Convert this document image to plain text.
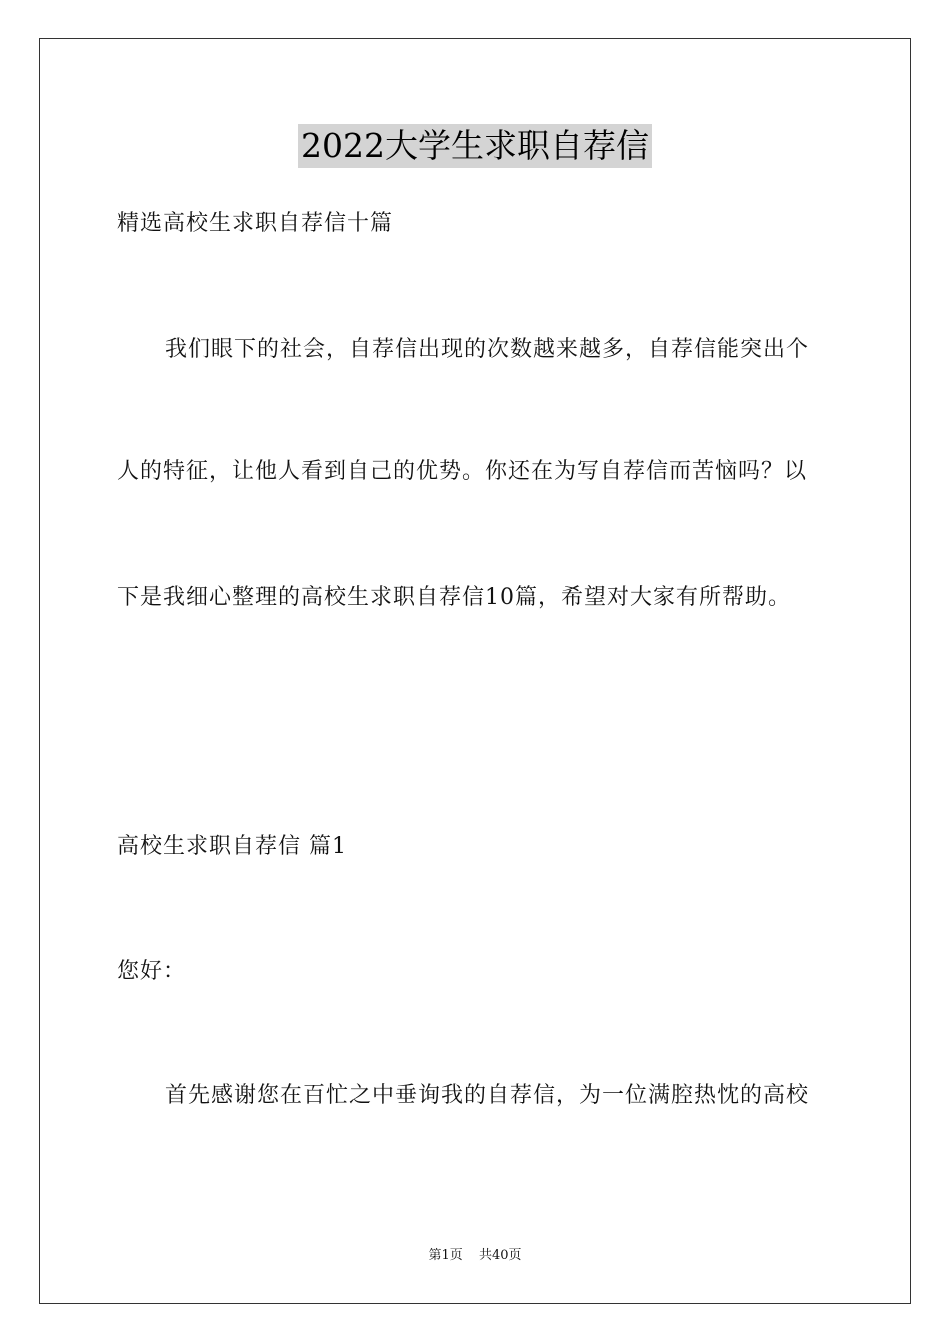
2022大学生求职自荐信
精选高校生求职自荐信十篇
我们眼下的社会，自荐信出现的次数越来越多，自荐信能突出个
人的特征，让他人看到自己的优势。你还在为写自荐信而苦恼吗？以
下是我细心整理的高校生求职自荐信10篇，希望对大家有所帮助。
高校生求职自荐信 篇1
您好：
首先感谢您在百忙之中垂询我的自荐信，为一位满腔热忱的高校
第1页 共40页
